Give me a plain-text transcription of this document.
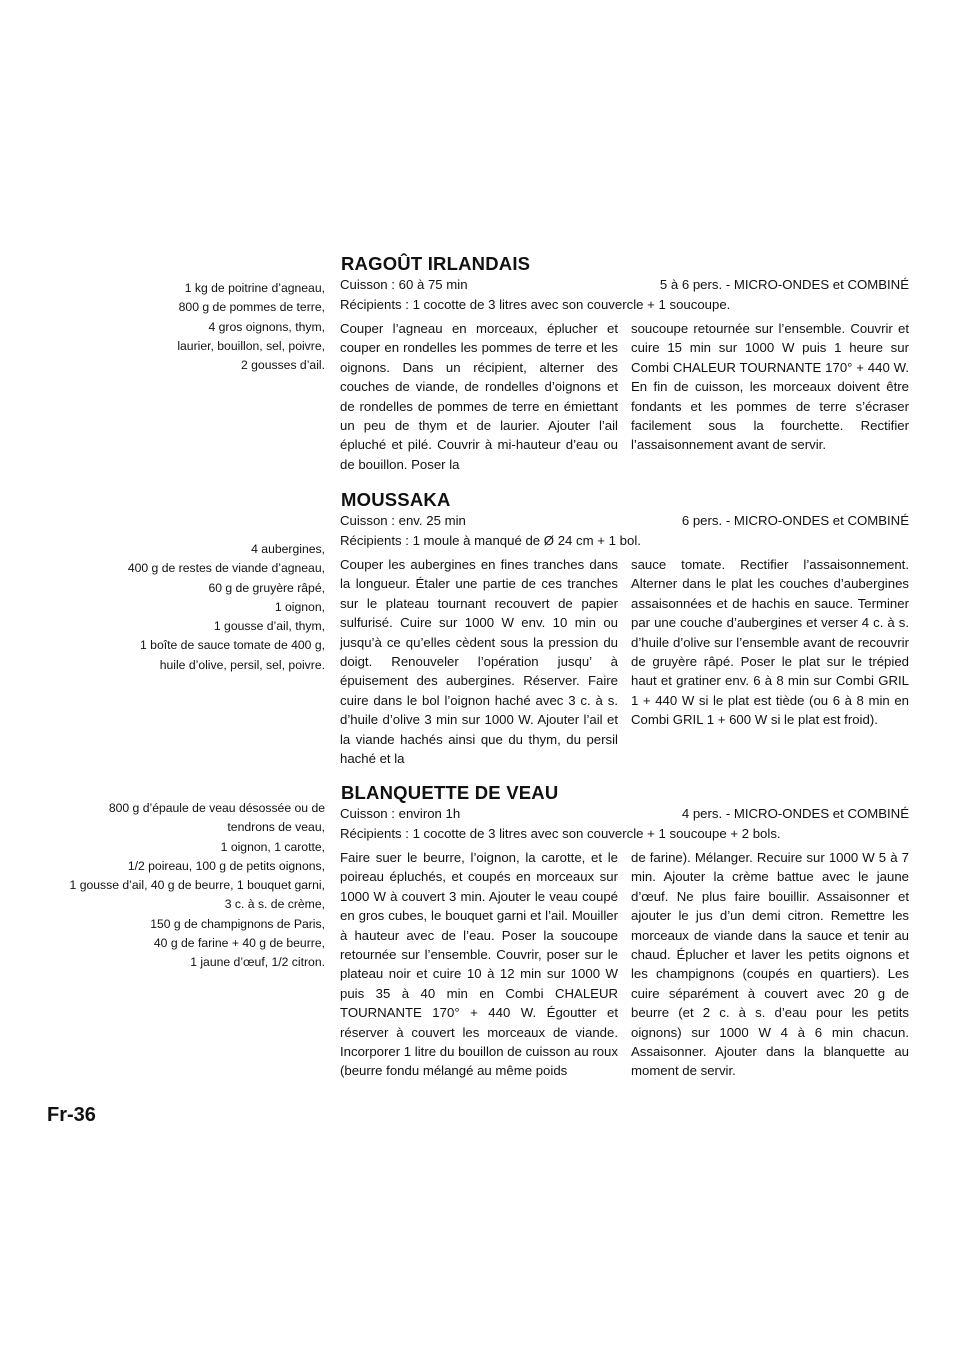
1 kg de poitrine d’agneau,
800 g de pommes de terre,
4 gros oignons, thym,
laurier, bouillon, sel, poivre,
2 gousses d’ail.
RAGOÛT IRLANDAIS
Cuisson : 60 à 75 min	5 à 6 pers. - MICRO-ONDES et COMBINÉ
Récipients : 1 cocotte de 3 litres avec son couvercle + 1 soucoupe.
Couper l’agneau en morceaux, éplucher et couper en rondelles les pommes de terre et les oignons. Dans un récipient, alterner des couches de viande, de rondelles d’oignons et de rondelles de pommes de terre en émiettant un peu de thym et de laurier. Ajouter l’ail épluché et pilé. Couvrir à mi-hauteur d’eau ou de bouillon. Poser la
soucoupe retournée sur l’ensemble. Couvrir et cuire 15 min sur 1000 W puis 1 heure sur Combi CHALEUR TOURNANTE 170° + 440 W. En fin de cuisson, les morceaux doivent être fondants et les pommes de terre s’écraser facilement sous la fourchette. Rectifier l’assaisonnement avant de servir.
4 aubergines,
400 g de restes de viande d’agneau,
60 g de gruyère râpé,
1 oignon,
1 gousse d’ail, thym,
1 boîte de sauce tomate de 400 g,
huile d’olive, persil, sel, poivre.
MOUSSAKA
Cuisson : env. 25 min	6 pers. - MICRO-ONDES et COMBINÉ
Récipients : 1 moule à manqué de Ø 24 cm + 1 bol.
Couper les aubergines en fines tranches dans la longueur. Étaler une partie de ces tranches sur le plateau tournant recouvert de papier sulfurisé. Cuire sur 1000 W env. 10 min ou jusqu’à ce qu’elles cèdent sous la pression du doigt. Renouveler l’opération jusqu’ à épuisement des aubergines. Réserver. Faire cuire dans le bol l’oignon haché avec 3 c. à s. d’huile d’olive 3 min sur 1000 W. Ajouter l’ail et la viande hachés ainsi que du thym, du persil haché et la
sauce tomate. Rectifier l’assaisonnement. Alterner dans le plat les couches d’aubergines assaisonnées et de hachis en sauce. Terminer par une couche d’aubergines et verser 4 c. à s. d’huile d’olive sur l’ensemble avant de recouvrir de gruyère râpé. Poser le plat sur le trépied haut et gratiner env. 6 à 8 min sur Combi GRIL 1 + 440 W si le plat est tiède (ou 6 à 8 min en Combi GRIL 1 + 600 W si le plat est froid).
800 g d’épaule de veau désossée ou de
tendrons de veau,
1 oignon, 1 carotte,
1/2 poireau, 100 g de petits oignons,
1 gousse d’ail, 40 g de beurre, 1 bouquet garni,
3 c. à s. de crème,
150 g de champignons de Paris,
40 g de farine + 40 g de beurre,
1 jaune d’œuf, 1/2 citron.
BLANQUETTE DE VEAU
Cuisson : environ 1h	4 pers. - MICRO-ONDES et COMBINÉ
Récipients : 1 cocotte de 3 litres avec son couvercle + 1 soucoupe + 2 bols.
Faire suer le beurre, l’oignon, la carotte, et le poireau épluchés, et coupés en morceaux sur 1000 W à couvert 3 min. Ajouter le veau coupé en gros cubes, le bouquet garni et l’ail. Mouiller à hauteur avec de l’eau. Poser la soucoupe retournée sur l’ensemble. Couvrir, poser sur le plateau noir et cuire 10 à 12 min sur 1000 W puis 35 à 40 min en Combi CHALEUR TOURNANTE 170° + 440 W. Égoutter et réserver à couvert les morceaux de viande. Incorporer 1 litre du bouillon de cuisson au roux (beurre fondu mélangé au même poids
de farine). Mélanger. Recuire sur 1000 W 5 à 7 min. Ajouter la crème battue avec le jaune d’œuf. Ne plus faire bouillir. Assaisonner et ajouter le jus d’un demi citron. Remettre les morceaux de viande dans la sauce et tenir au chaud. Éplucher et laver les petits oignons et les champignons (coupés en quartiers). Les cuire séparément à couvert avec 20 g de beurre (et 2 c. à s. d’eau pour les petits oignons) sur 1000 W 4 à 6 min chacun. Assaisonner. Ajouter dans la blanquette au moment de servir.
Fr-36
